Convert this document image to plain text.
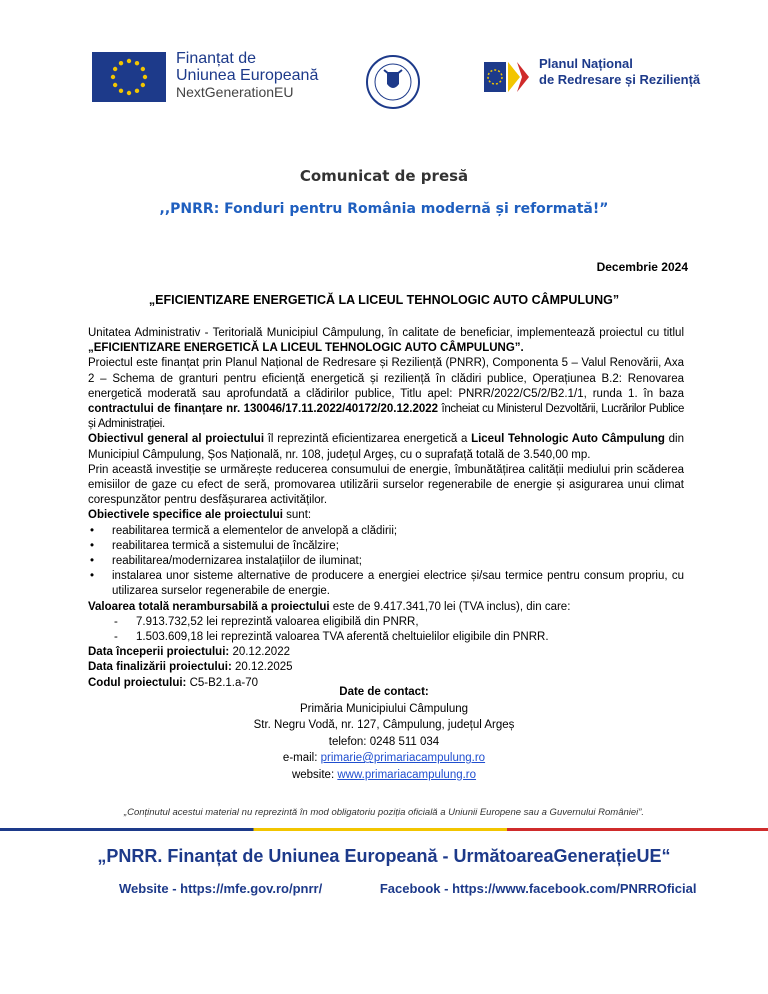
Finanțat de
Uniunea Europeană
NextGenerationEU
Planul Național
de Redresare și Reziliență
Comunicat de presă
,,PNRR: Fonduri pentru România modernă și reformată!”
Decembrie 2024
„EFICIENTIZARE ENERGETICĂ LA LICEUL TEHNOLOGIC AUTO CÂMPULUNG”

Unitatea Administrativ - Teritorială Municipiul Câmpulung, în calitate de beneficiar, implementează proiectul cu titlul „EFICIENTIZARE ENERGETICĂ LA LICEUL TEHNOLOGIC AUTO CÂMPULUNG”.

Proiectul este finanțat prin Planul Național de Redresare și Reziliență (PNRR), Componenta 5 – Valul Renovării, Axa 2 – Schema de granturi pentru eficiență energetică și reziliență în clădiri publice, Operațiunea B.2: Renovarea energetică moderată sau aprofundată a clădirilor publice, Titlu apel: PNRR/2022/C5/2/B2.1/1, runda 1. în baza contractului de finanțare nr. 130046/17.11.2022/40172/20.12.2022 încheiat cu Ministerul Dezvoltării, Lucrărilor Publice și Administrației.

Obiectivul general al proiectului îl reprezintă eficientizarea energetică a Liceul Tehnologic Auto Câmpulung din Municipiul Câmpulung, Șos Națională, nr. 108, județul Argeș, cu o suprafață totală de 3.540,00 mp.

Prin această investiție se urmărește reducerea consumului de energie, îmbunătățirea calității mediului prin scăderea emisiilor de gaze cu efect de seră, promovarea utilizării surselor regenerabile de energie și asigurarea unui climat corespunzător pentru desfășurarea activităților.

Obiectivele specifice ale proiectului sunt:

• reabilitarea termică a elementelor de anvelopă a clădirii;
• reabilitarea termică a sistemului de încălzire;
• reabilitarea/modernizarea instalațiilor de iluminat;
• instalarea unor sisteme alternative de producere a energiei electrice și/sau termice pentru consum propriu, cu utilizarea surselor regenerabile de energie.

Valoarea totală nerambursabilă a proiectului este de 9.417.341,70 lei (TVA inclus), din care:

- 7.913.732,52 lei reprezintă valoarea eligibilă din PNRR,
- 1.503.609,18 lei reprezintă valoarea TVA aferentă cheltuielilor eligibile din PNRR.

Data începerii proiectului: 20.12.2022

Data finalizării proiectului: 20.12.2025

Codul proiectului: C5-B2.1.a-70

Date de contact:
Primăria Municipiului Câmpulung
Str. Negru Vodă, nr. 127, Câmpulung, județul Argeș
telefon: 0248 511 034
e-mail: primarie@primariacampulung.ro
website: www.primariacampulung.ro
„Conținutul acestui material nu reprezintă în mod obligatoriu poziția oficială a Uniunii Europene sau a Guvernului României”.
„PNRR. Finanțat de Uniunea Europeană - UrmătoareaGenerațieUE“
Website - https://mfe.gov.ro/pnrr/	Facebook - https://www.facebook.com/PNRROficial
